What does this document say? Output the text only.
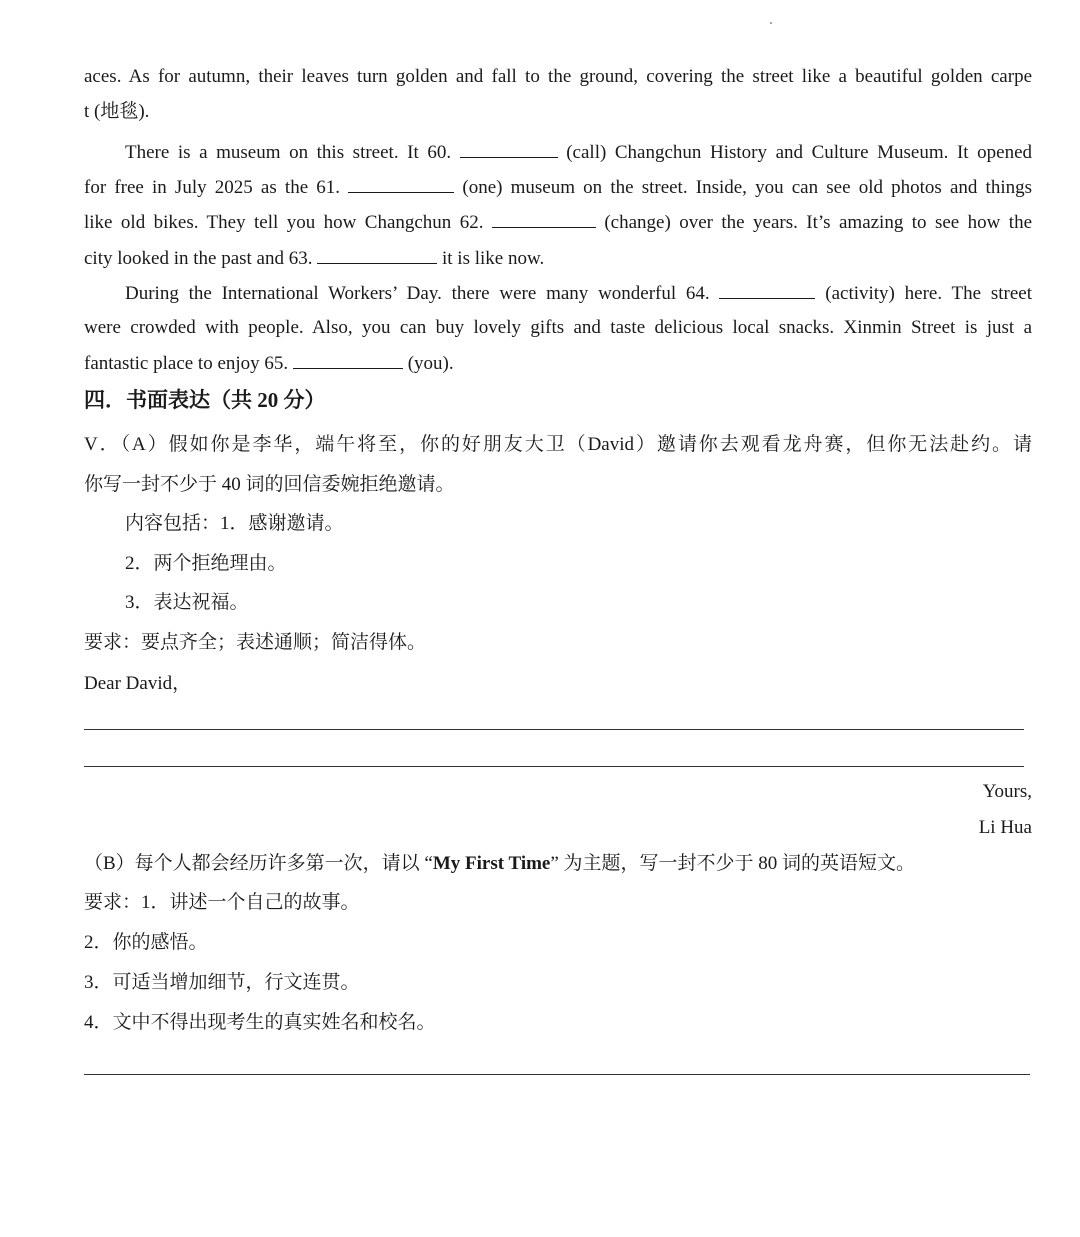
aces. As for autumn, their leaves turn golden and fall to the ground, covering the street like a beautiful golden carpe
t (地毯).
There is a museum on this street. It 60.	(call) Changchun History and Culture Museum. It opened
for free in July 2025 as the 61.	(one) museum on the street. Inside, you can see old photos and things
like old bikes. They tell you how Changchun 62.	(change) over the years. It’s amazing to see how the
city looked in the past and 63.	it is like now.
During the International Workers’ Day. there were many wonderful 64.	(activity) here. The street
were crowded with people. Also, you can buy lovely gifts and taste delicious local snacks. Xinmin Street is just a
fantastic place to enjoy 65.	(you).
四．书面表达（共 20 分）
V．（A）假如你是李华，端午将至，你的好朋友大卫（David）邀请你去观看龙舟赛，但你无法赴约。请
你写一封不少于 40 词的回信委婉拒绝邀请。
内容包括：1．感谢邀请。
2．两个拒绝理由。
3．表达祝福。
要求：要点齐全；表述通顺；简洁得体。
Dear David，
Yours,
Li Hua
（B）每个人都会经历许多第一次，请以 “My First Time” 为主题，写一封不少于 80 词的英语短文。
要求：1．讲述一个自己的故事。
2．你的感悟。
3．可适当增加细节，行文连贯。
4．文中不得出现考生的真实姓名和校名。
